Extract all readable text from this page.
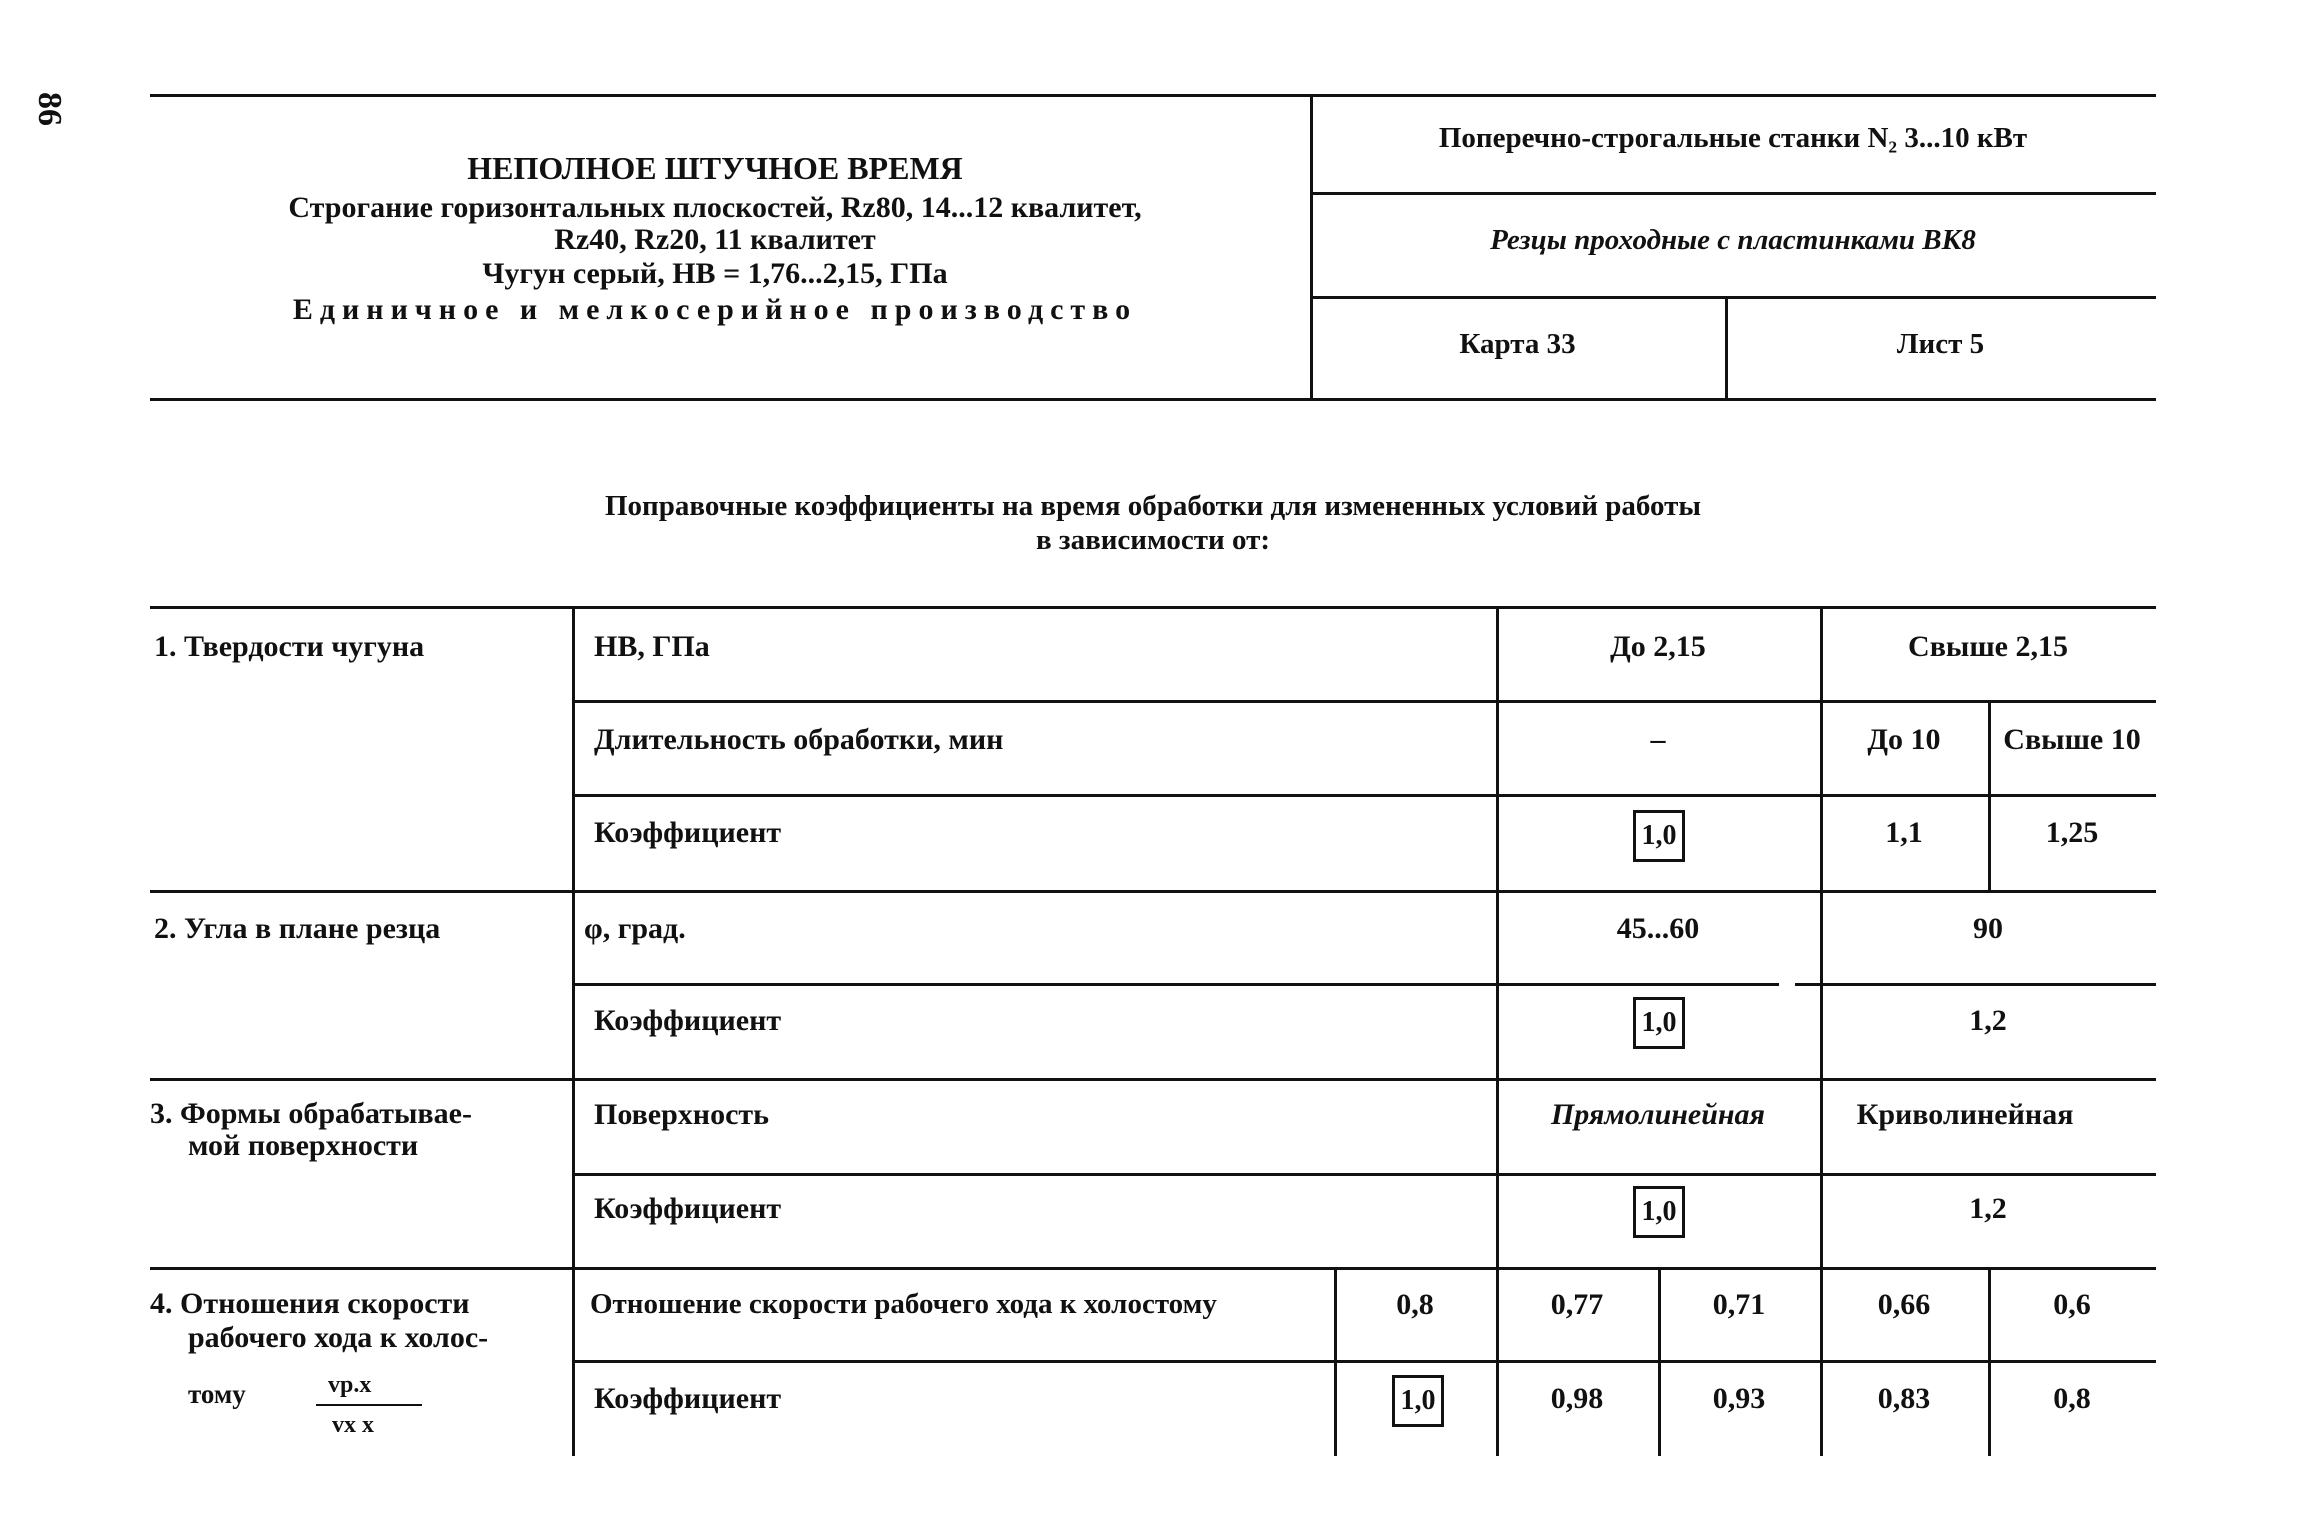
86
НЕПОЛНОЕ ШТУЧНОЕ ВРЕМЯ
Строгание горизонтальных плоскостей, Rz80, 14...12 квалитет,
Rz40, Rz20, 11 квалитет
Чугун серый, НВ = 1,76...2,15, ГПа
Единичное и мелкосерийное производство
Поперечно-строгальные станки N₂ 3...10 кВт
Резцы проходные с пластинками ВК8
Карта 33	Лист 5
Поправочные коэффициенты на время обработки для измененных условий работы
в зависимости от:
1. Твердости чугуна	НВ, ГПа	До 2,15	Свыше 2,15
Длительность обработки, мин	–	До 10	Свыше 10
Коэффициент	1,0	1,1	1,25
2. Угла в плане резца	φ, град.	45...60	90
Коэффициент	1,0	1,2
3. Формы обрабатывае-
мой поверхности
Поверхность	Прямолинейная	Криволинейная
Коэффициент	1,0	1,2
4. Отношения скорости
рабочего хода к холос-
тому	vр.х
vх х
Отношение скорости рабочего хода к холостому	0,8	0,77	0,71	0,66	0,6
Коэффициент	1,0	0,98	0,93	0,83	0,8
